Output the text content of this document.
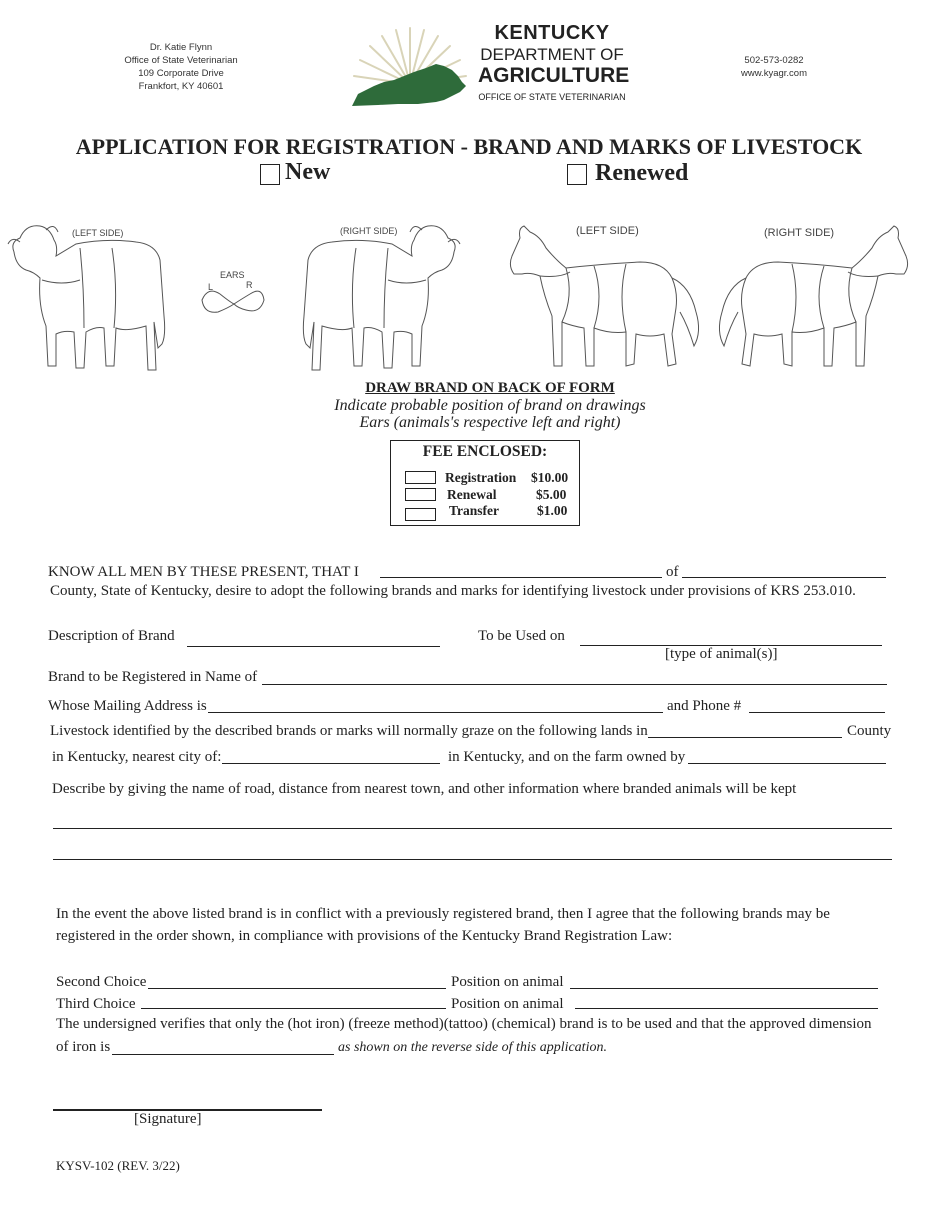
Dr. Katie Flynn
Office of State Veterinarian
109 Corporate Drive
Frankfort, KY 40601
KENTUCKY
DEPARTMENT OF
AGRICULTURE
OFFICE OF STATE VETERINARIAN
502-573-0282
www.kyagr.com
APPLICATION FOR REGISTRATION - BRAND AND MARKS OF LIVESTOCK
New	Renewed
(LEFT SIDE)
EARS
L	R
(RIGHT SIDE)	(LEFT SIDE)	(RIGHT SIDE)
DRAW BRAND ON BACK OF FORM
Indicate probable position of brand on drawings
Ears (animals's respective left and right)
FEE ENCLOSED:
Registration $10.00
Renewal	$5.00
Transfer	$1.00
KNOW ALL MEN BY THESE PRESENT, THAT I	of
County, State of Kentucky, desire to adopt the following brands and marks for identifying livestock under provisions of KRS 253.010.
Description of Brand	To be Used on
[type of animal(s)]
Brand to be Registered in Name of
Whose Mailing Address is	and Phone #
Livestock identified by the described brands or marks will normally graze on the following lands in	County
in Kentucky, nearest city of:	in Kentucky, and on the farm owned by
Describe by giving the name of road, distance from nearest town, and other information where branded animals will be kept
In the event the above listed brand is in conflict with a previously registered brand, then I agree that the following brands may be
registered in the order shown, in compliance with provisions of the Kentucky Brand Registration Law:
Second Choice	Position on animal
Third Choice	Position on animal
The undersigned verifies that only the (hot iron) (freeze method)(tattoo) (chemical) brand is to be used and that the approved dimension
of iron is	as shown on the reverse side of this application.
[Signature]
KYSV-102 (REV. 3/22)
